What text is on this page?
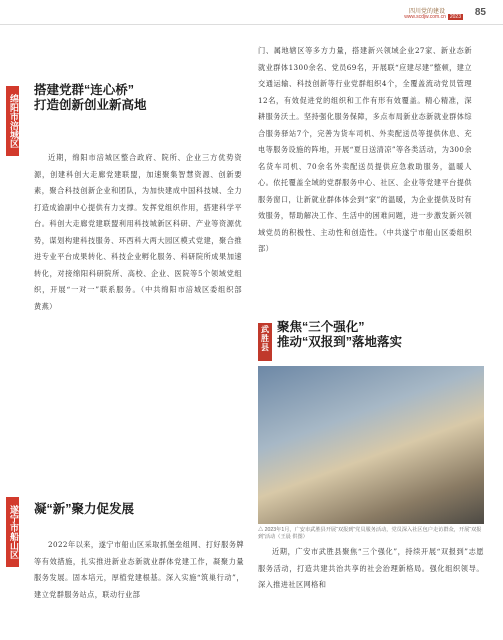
四川党的建设
www.scdjw.com.cn 2023 85
绵阳市涪城区
搭建党群“连心桥”
打造创新创业新高地

近期，绵阳市涪城区整合政府、院所、企业三方优势资源，创建科创大走廊党建联盟，加速聚集智慧资源、创新要素，聚合科技创新企业和团队，为加快建成中国科技城、全力打造成渝副中心提供有力支撑。发挥党组织作用，搭建科学平台。科创大走廊党建联盟利用科技城新区科研、产业等资源优势，谋划构建科技服务、环西科大两大园区模式党建，聚合推进专业平台成果转化、科技企业孵化服务、科研院所成果加速转化，对接绵阳科研院所、高校、企业、医院等5个领域党组织，开展“一对一”联系服务。（中共绵阳市涪城区委组织部　黄燕）

门、属地辖区等多方力量，搭建新兴领域企业27家、新业态新就业群体1300余名、党员69名，开展联“应建尽建”整顿，建立交通运输、科技创新等行业党群组织4个，全覆盖流动党员管理12名，有效促进党的组织和工作有形有效覆盖。精心精准，深耕服务沃土。坚持强化服务保障，多点布局新业态新就业群体综合服务驿站7个，完善为货车司机、外卖配送员等提供休息、充电等服务设施的阵地，开展“夏日送清凉”等各类活动，为300余名货车司机、70余名外卖配送员提供应急救助服务，温暖人心。依托覆盖全域的党群服务中心、社区、企业等党建平台提供服务窗口，让新就业群体体会到“家”的温暖，为企业提供及时有效服务，帮助解决工作、生活中的困难问题，进一步激发新兴领域党员的积极性、主动性和创造性。（中共遂宁市船山区委组织部）

武胜县
聚焦“三个强化”
推动“双报到”落地落实
△ 2023年1月，广安市武胜县开展“双报到”党员服务活动，党员深入社区包户走访群众，开展“双报到”活动（王晨 供图）

近期，广安市武胜县聚焦“三个强化”，持续开展“双报到”志愿服务活动，打造共建共治共享的社会治理新格局。强化组织领导。深入推进社区网格和

遂宁市船山区 凝“新”聚力促发展

2022年以来，遂宁市船山区采取抓堡垒组网、打好服务牌等有效措施，扎实推进新业态新就业群体党建工作，凝聚力量服务发展。固本培元，厚植党建根基。深入实施“筑巢行动”，建立党群服务站点，联动行业部
